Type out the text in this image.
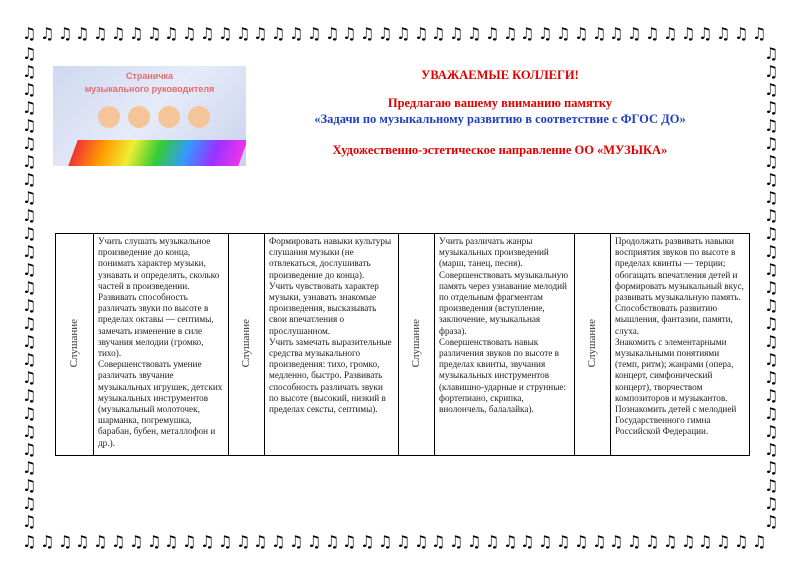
♫
♫
♫
♫
♫
♫
♫
♫
♫
♫
♫
♫
♫
♫
♫
♫
♫
♫
♫
♫
♫
♫
♫
♫
♫
♫
♫
♫
♫
♫
♫
♫
♫
♫
♫
♫
♫
♫
♫
♫
♫
♫
♫
♫
♫
♫
♫
♫
♫
♫
♫
♫
♫
♫
♫
♫
♫
♫
♫
♫
♫
♫
♫
♫
♫
♫
♫
♫
♫
♫
♫
♫
♫
♫
♫
♫
♫
♫
♫
♫
♫
♫
♫
♫
♫	♫
♫	♫
♫	♫
♫	♫
♫	♫
♫	♫
♫	♫
♫	♫
♫	♫
♫	♫
♫	♫
♫	♫
♫	♫
♫	♫
♫	♫
♫	♫
♫	♫
♫	♫
♫	♫
♫	♫
♫	♫
♫	♫
♫	♫
♫	♫
♫	♫
♫	♫
♫	♫
Страничка
музыкального руководителя
УВАЖАЕМЫЕ КОЛЛЕГИ!
Предлагаю вашему вниманию памятку
«Задачи по музыкальному развитию в соответствие с ФГОС ДО»
Художественно-эстетическое направление ОО «МУЗЫКА»
Слушание	Учить слушать музыкальное произведение до конца, понимать характер музыки, узнавать и определять, сколько частей в произведении.
Развивать способность различать звуки по высоте в пределах октавы — септимы, замечать изменение в силе звучания мелодии (громко, тихо).
Совершенствовать умение различать звучание музыкальных игрушек, детских музыкальных инструментов (музыкальный молоточек, шарманка, погремушка, барабан, бубен, металлофон и др.).	Слушание	Формировать навыки культуры слушания музыки (не отвлекаться, дослушивать произведение до конца).
Учить чувствовать характер музыки, узнавать знакомые произведения, высказывать свои впечатления о прослушанном.
Учить замечать выразительные средства музыкального произведения: тихо, громко, медленно, быстро. Развивать способность различать звуки по высоте (высокий, низкий в пределах сексты, септимы).	Слушание	Учить различать жанры музыкальных произведений (марш, танец, песня).
Совершенствовать музыкальную память через узнавание мелодий по отдельным фрагментам произведения (вступление, заключение, музыкальная фраза).
Совершенствовать навык различения звуков по высоте в пределах квинты, звучания музыкальных инструментов (клавишно-ударные и струнные: фортепиано, скрипка, виолончель, балалайка).	Слушание	Продолжать развивать навыки восприятия звуков по высоте в пределах квинты — терции; обогащать впечатления детей и формировать музыкальный вкус, развивать музыкальную память. Способствовать развитию мышления, фантазии, памяти, слуха.
Знакомить с элементарными музыкальными понятиями (темп, ритм); жанрами (опера, концерт, симфонический концерт), творчеством композиторов и музыкантов.
Познакомить детей с мелодией Государственного гимна Российской Федерации.
